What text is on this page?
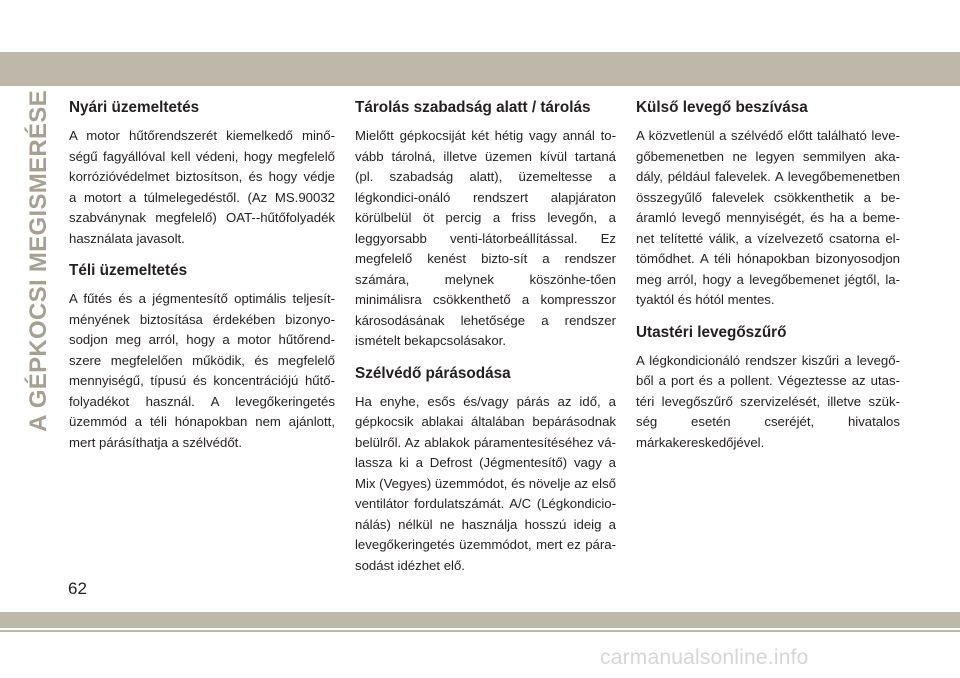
A GÉPKOCSI MEGISMERÉSE Nyári üzemeltetés

A motor hűtőrendszerét kiemelkedő minő-ségű fagyállóval kell védeni, hogy megfelelő korrózióvédelmet biztosítson, és hogy védje a motort a túlmelegedéstől. (Az MS.90032 szabványnak megfelelő) OAT--hűtőfolyadék használata javasolt.

Téli üzemeltetés

A fűtés és a jégmentesítő optimális teljesít-ményének biztosítása érdekében bizonyo-sodjon meg arról, hogy a motor hűtőrend-szere megfelelően működik, és megfelelő mennyiségű, típusú és koncentrációjú hűtő-folyadékot használ. A levegőkeringetés üzemmód a téli hónapokban nem ajánlott, mert párásíthatja a szélvédőt.

Tárolás szabadság alatt / tárolás

Mielőtt gépkocsiját két hétig vagy annál to-vább tárolná, illetve üzemen kívül tartaná (pl. szabadság alatt), üzemeltesse a légkondici-onáló rendszert alapjáraton körülbelül öt percig a friss levegőn, a leggyorsabb venti-látorbeállítással. Ez megfelelő kenést bizto-sít a rendszer számára, melynek köszönhe-tően minimálisra csökkenthető a kompresszor károsodásának lehetősége a rendszer ismételt bekapcsolásakor.

Szélvédő párásodása

Ha enyhe, esős és/vagy párás az idő, a gépkocsik ablakai általában bepárásodnak belülről. Az ablakok páramentesítéséhez vá-lassza ki a Defrost (Jégmentesítő) vagy a Mix (Vegyes) üzemmódot, és növelje az első ventilátor fordulatszámát. A/C (Légkondicio-nálás) nélkül ne használja hosszú ideig a levegőkeringetés üzemmódot, mert ez pára-sodást idézhet elő.

Külső levegő beszívása

A közvetlenül a szélvédő előtt található leve-gőbemenetben ne legyen semmilyen aka-dály, például falevelek. A levegőbemenetben összegyűlő falevelek csökkenthetik a be-áramló levegő mennyiségét, és ha a beme-net telítetté válik, a vízelvezető csatorna el-tömődhet. A téli hónapokban bizonyosodjon meg arról, hogy a levegőbemenet jégtől, la-tyaktól és hótól mentes.

Utastéri levegőszűrő

A légkondicionáló rendszer kiszűri a levegő-ből a port és a pollent. Végeztesse az utas-téri levegőszűrő szervizelését, illetve szük-ség esetén cseréjét, hivatalos márkakereskedőjével.

62
carmanualsonline.info
